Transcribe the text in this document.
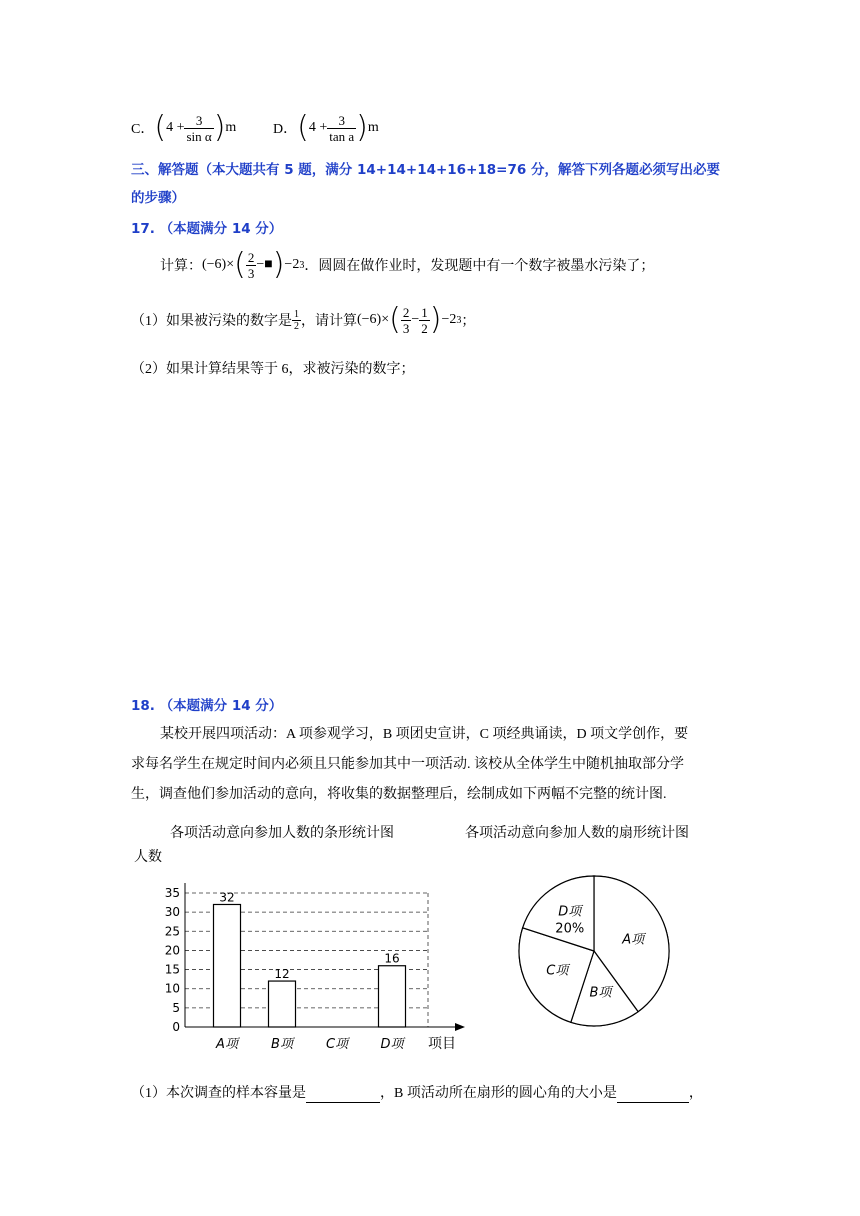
C． ( $4 + \frac{3}{\text{sin α}}$ ) m	D． ( $4 + \frac{3}{\text{tan a}}$ ) m
三、解答题（本大题共有 5 题，满分 14+14+14+16+18=76 分，解答下列各题必须写出必要
的步骤）
17. （本题满分 14 分）
计算： (−6)× ( $\frac{2}{3}$ −■ ) −2 3 ．圆圆在做作业时，发现题中有一个数字被墨水污染了；
（1）如果被污染的数字是 $\frac{1}{2}$ ，请计算 (−6)× ( $\frac{2}{3} - \frac{1}{2}$ ) −2 3 ；
（2）如果计算结果等于 6，求被污染的数字；
18. （本题满分 14 分）
某校开展四项活动：A 项参观学习，B 项团史宣讲，C 项经典诵读，D 项文学创作，要
求每名学生在规定时间内必须且只能参加其中一项活动. 该校从全体学生中随机抽取部分学
生，调查他们参加活动的意向，将收集的数据整理后，绘制成如下两幅不完整的统计图.
各项活动意向参加人数的条形统计图
人数
32
12
16
0
5
10
15
20
25
30
35
A项	B项	C项 D项 项目
各项活动意向参加人数的扇形统计图
A项
B项
C项
D项
20%
（1）本次调查的样本容量是
	，B 项活动所在扇形的圆心角的大小是
	，
